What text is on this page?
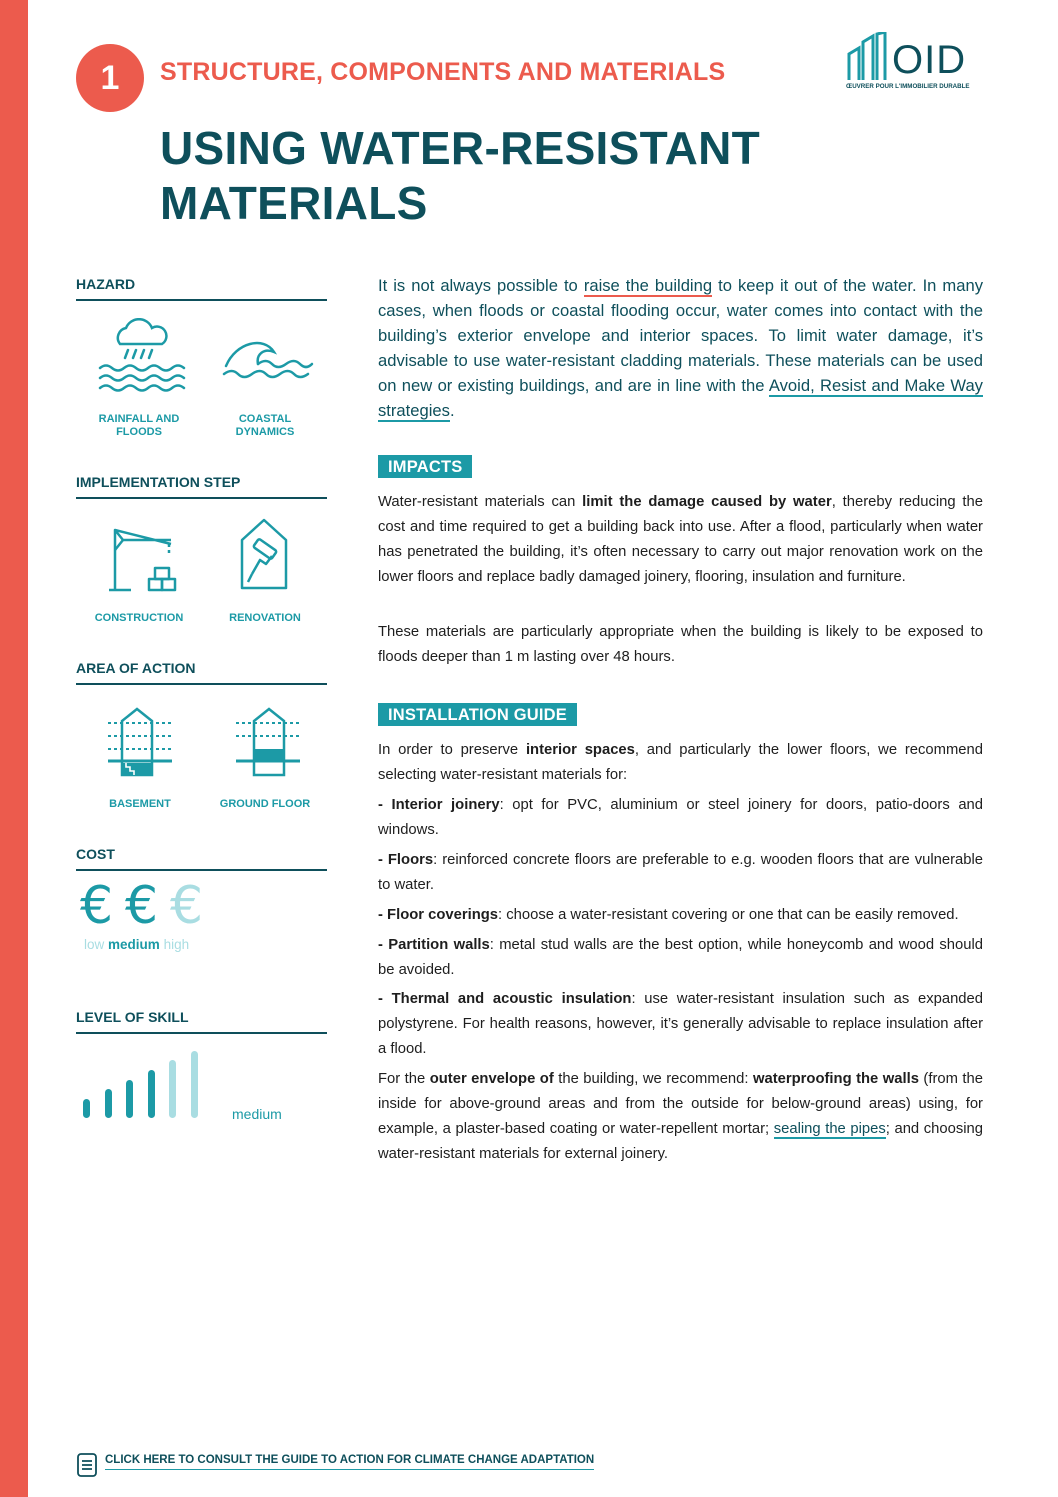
1	STRUCTURE, COMPONENTS AND MATERIALS
USING WATER-RESISTANT
MATERIALS
OID
ŒUVRER POUR L'IMMOBILIER DURABLE
HAZARD
RAINFALL AND
FLOODS
COASTAL
DYNAMICS
IMPLEMENTATION STEP
CONSTRUCTION	RENOVATION
AREA OF ACTION
BASEMENT	GROUND FLOOR
COST
€ € €
low medium high
LEVEL OF SKILL
medium
It is not always possible to raise the building to keep it out of the water. In many cases, when floods or coastal flooding occur, water comes into contact with the building’s exterior envelope and interior spaces. To limit water damage, it’s advisable to use water-resistant cladding materials. These materials can be used on new or existing buildings, and are in line with the Avoid, Resist and Make Way strategies.
IMPACTS
Water-resistant materials can limit the damage caused by water, thereby reducing the cost and time required to get a building back into use. After a flood, particularly when water has penetrated the building, it’s often necessary to carry out major renovation work on the lower floors and replace badly damaged joinery, flooring, insulation and furniture.
These materials are particularly appropriate when the building is likely to be exposed to floods deeper than 1 m lasting over 48 hours.
INSTALLATION GUIDE
In order to preserve interior spaces, and particularly the lower floors, we recommend selecting water-resistant materials for:
- Interior joinery: opt for PVC, aluminium or steel joinery for doors, patio-doors and windows.
- Floors: reinforced concrete floors are preferable to e.g. wooden floors that are vulnerable to water.
- Floor coverings: choose a water-resistant covering or one that can be easily removed.
- Partition walls: metal stud walls are the best option, while honeycomb and wood should be avoided.
- Thermal and acoustic insulation: use water-resistant insulation such as expanded polystyrene. For health reasons, however, it’s generally advisable to replace insulation after a flood.
For the outer envelope of the building, we recommend: waterproofing the walls (from the inside for above-ground areas and from the outside for below-ground areas) using, for example, a plaster-based coating or water-repellent mortar; sealing the pipes; and choosing water-resistant materials for external joinery.
CLICK HERE TO CONSULT THE GUIDE TO ACTION FOR CLIMATE CHANGE ADAPTATION
